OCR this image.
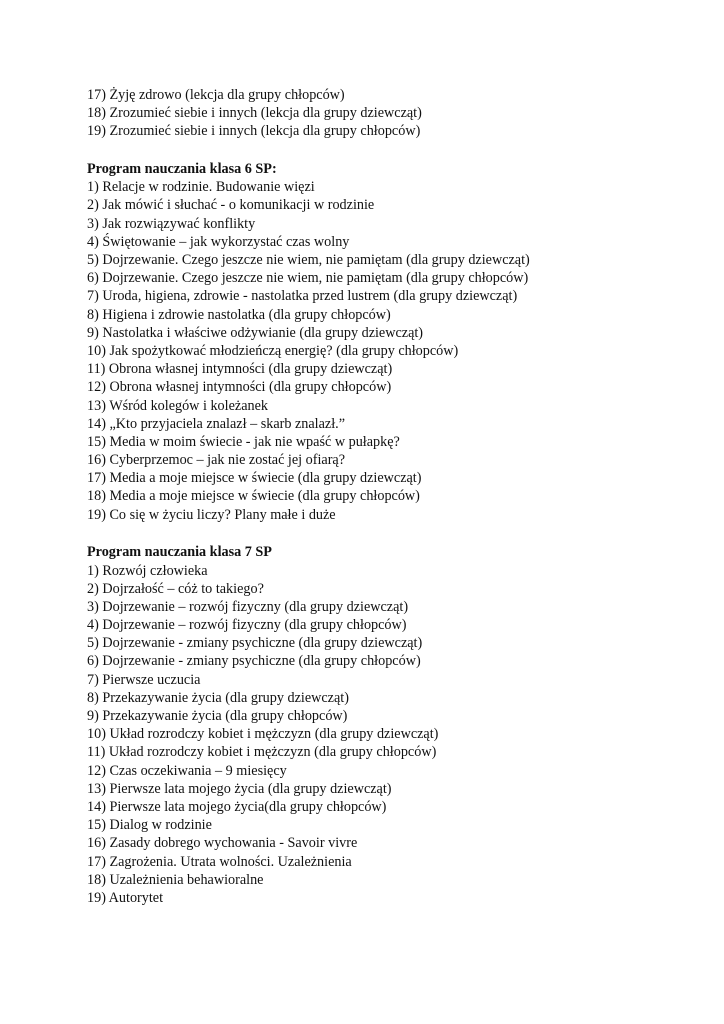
17) Żyję zdrowo (lekcja dla grupy chłopców)
18) Zrozumieć siebie i innych (lekcja dla grupy dziewcząt)
19) Zrozumieć siebie i innych (lekcja dla grupy chłopców)
Program nauczania klasa 6 SP:
1) Relacje w rodzinie. Budowanie więzi
2) Jak mówić i słuchać - o komunikacji w rodzinie
3) Jak rozwiązywać konflikty
4) Świętowanie – jak wykorzystać czas wolny
5) Dojrzewanie. Czego jeszcze nie wiem, nie pamiętam (dla grupy dziewcząt)
6) Dojrzewanie. Czego jeszcze nie wiem, nie pamiętam (dla grupy chłopców)
7) Uroda, higiena, zdrowie - nastolatka przed lustrem (dla grupy dziewcząt)
8) Higiena i zdrowie nastolatka (dla grupy chłopców)
9) Nastolatka i właściwe odżywianie (dla grupy dziewcząt)
10) Jak spożytkować młodzieńczą energię? (dla grupy chłopców)
11) Obrona własnej intymności (dla grupy dziewcząt)
12) Obrona własnej intymności (dla grupy chłopców)
13) Wśród kolegów i koleżanek
14) „Kto przyjaciela znalazł – skarb znalazł.”
15) Media w moim świecie - jak nie wpaść w pułapkę?
16) Cyberprzemoc – jak nie zostać jej ofiarą?
17) Media a moje miejsce w świecie (dla grupy dziewcząt)
18) Media a moje miejsce w świecie (dla grupy chłopców)
19) Co się w życiu liczy? Plany małe i duże
Program nauczania klasa 7 SP
1) Rozwój człowieka
2) Dojrzałość – cóż to takiego?
3) Dojrzewanie – rozwój fizyczny (dla grupy dziewcząt)
4) Dojrzewanie – rozwój fizyczny (dla grupy chłopców)
5) Dojrzewanie - zmiany psychiczne (dla grupy dziewcząt)
6) Dojrzewanie - zmiany psychiczne (dla grupy chłopców)
7) Pierwsze uczucia
8) Przekazywanie życia (dla grupy dziewcząt)
9) Przekazywanie życia (dla grupy chłopców)
10) Układ rozrodczy kobiet i mężczyzn (dla grupy dziewcząt)
11) Układ rozrodczy kobiet i mężczyzn (dla grupy chłopców)
12) Czas oczekiwania – 9 miesięcy
13) Pierwsze lata mojego życia (dla grupy dziewcząt)
14) Pierwsze lata mojego życia(dla grupy chłopców)
15) Dialog w rodzinie
16) Zasady dobrego wychowania - Savoir vivre
17) Zagrożenia. Utrata wolności. Uzależnienia
18) Uzależnienia behawioralne
19) Autorytet
